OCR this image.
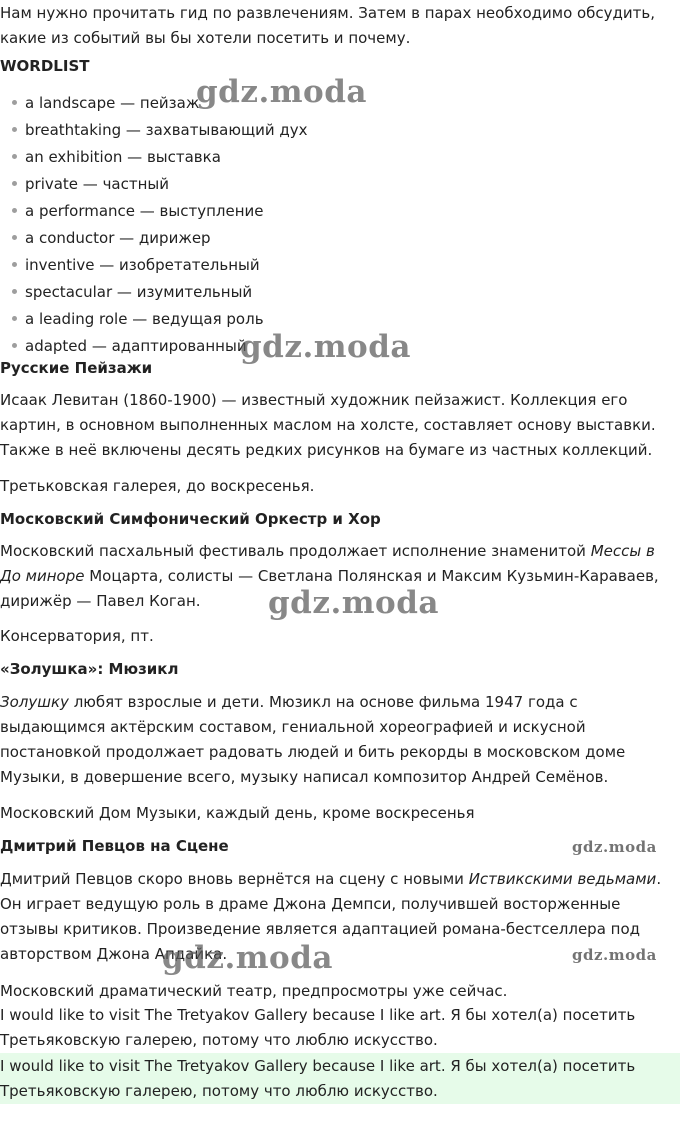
Нам нужно прочитать гид по развлечениям. Затем в парах необходимо обсудить, какие из событий вы бы хотели посетить и почему.

WORDLIST
a landscape — пейзаж
breathtaking — захватывающий дух
an exhibition — выставка
private — частный
a performance — выступление
a conductor — дирижер
inventive — изобретательный
spectacular — изумительный
a leading role — ведущая роль
adapted — адаптированный
Русские Пейзажи

Исаак Левитан (1860-1900) — известный художник пейзажист. Коллекция его картин, в основном выполненных маслом на холсте, составляет основу выставки. Также в неё включены десять редких рисунков на бумаге из частных коллекций.

Третьковская галерея, до воскресенья.

Московский Симфонический Оркестр и Хор

Московский пасхальный фестиваль продолжает исполнение знаменитой Мессы в До миноре Моцарта, солисты — Светлана Полянская и Максим Кузьмин-Караваев, дирижёр — Павел Коган.

Консерватория, пт.

«Золушка»: Мюзикл

Золушку любят взрослые и дети. Мюзикл на основе фильма 1947 года с выдающимся актёрским составом, гениальной хореографией и искусной постановкой продолжает радовать людей и бить рекорды в московском доме Музыки, в довершение всего, музыку написал композитор Андрей Семёнов.

Московский Дом Музыки, каждый день, кроме воскресенья

Дмитрий Певцов на Сцене

Дмитрий Певцов скоро вновь вернётся на сцену с новыми Иствикскими ведьмами. Он играет ведущую роль в драме Джона Демпси, получившей восторженные отзывы критиков. Произведение является адаптацией романа-бестселлера под авторством Джона Апдайка.

Московский драматический театр, предпросмотры уже сейчас.

I would like to visit The Tretyakov Gallery because I like art. Я бы хотел(а) посетить Третьяковскую галерею, потому что люблю искусство.

I would like to visit The Tretyakov Gallery because I like art. Я бы хотел(а) посетить Третьяковскую галерею, потому что люблю искусство.
gdz.moda
gdz.moda
gdz.moda
gdz.moda
gdz.moda	gdz.moda
